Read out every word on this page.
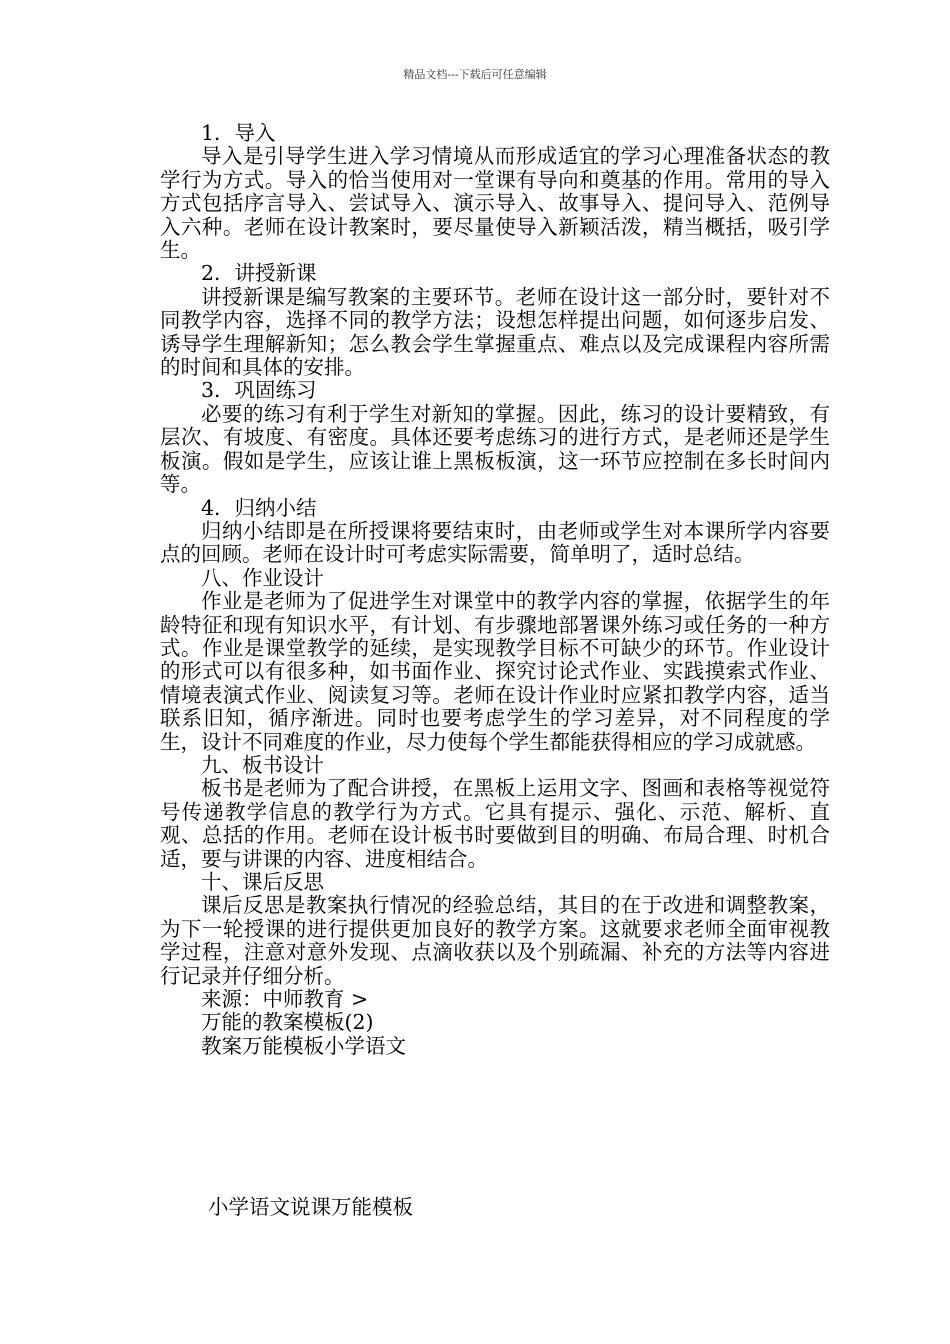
精品文档---下载后可任意编辑

1．导入

导入是引导学生进入学习情境从而形成适宜的学习心理准备状态的教学行为方式。导入的恰当使用对一堂课有导向和奠基的作用。常用的导入方式包括序言导入、尝试导入、演示导入、故事导入、提问导入、范例导入六种。老师在设计教案时，要尽量使导入新颖活泼，精当概括，吸引学生。

2．讲授新课

讲授新课是编写教案的主要环节。老师在设计这一部分时，要针对不同教学内容，选择不同的教学方法；设想怎样提出问题，如何逐步启发、诱导学生理解新知；怎么教会学生掌握重点、难点以及完成课程内容所需的时间和具体的安排。

3．巩固练习

必要的练习有利于学生对新知的掌握。因此，练习的设计要精致，有层次、有坡度、有密度。具体还要考虑练习的进行方式，是老师还是学生板演。假如是学生，应该让谁上黑板板演，这一环节应控制在多长时间内等。

4．归纳小结

归纳小结即是在所授课将要结束时，由老师或学生对本课所学内容要点的回顾。老师在设计时可考虑实际需要，简单明了，适时总结。

八、作业设计

作业是老师为了促进学生对课堂中的教学内容的掌握，依据学生的年龄特征和现有知识水平，有计划、有步骤地部署课外练习或任务的一种方式。作业是课堂教学的延续，是实现教学目标不可缺少的环节。作业设计的形式可以有很多种，如书面作业、探究讨论式作业、实践摸索式作业、情境表演式作业、阅读复习等。老师在设计作业时应紧扣教学内容，适当联系旧知，循序渐进。同时也要考虑学生的学习差异，对不同程度的学生，设计不同难度的作业，尽力使每个学生都能获得相应的学习成就感。

九、板书设计

板书是老师为了配合讲授，在黑板上运用文字、图画和表格等视觉符号传递教学信息的教学行为方式。它具有提示、强化、示范、解析、直观、总括的作用。老师在设计板书时要做到目的明确、布局合理、时机合适，要与讲课的内容、进度相结合。

十、课后反思

课后反思是教案执行情况的经验总结，其目的在于改进和调整教案，为下一轮授课的进行提供更加良好的教学方案。这就要求老师全面审视教学过程，注意对意外发现、点滴收获以及个别疏漏、补充的方法等内容进行记录并仔细分析。

来源：中师教育 >

万能的教案模板(2)

教案万能模板小学语文

小学语文说课万能模板
